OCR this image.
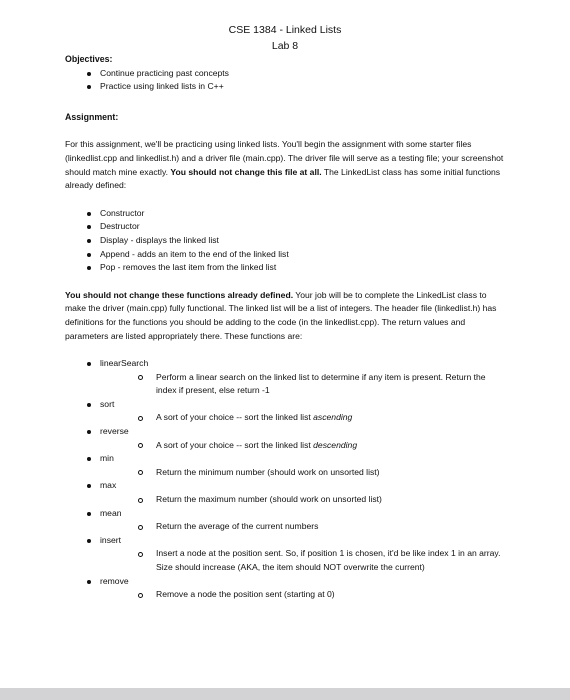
CSE 1384 - Linked Lists
Lab 8
Objectives:
Continue practicing past concepts
Practice using linked lists in C++
Assignment:

For this assignment, we'll be practicing using linked lists. You'll begin the assignment with some starter files (linkedlist.cpp and linkedlist.h) and a driver file (main.cpp). The driver file will serve as a testing file; your screenshot should match mine exactly. You should not change this file at all. The LinkedList class has some initial functions already defined:

Constructor
Destructor
Display - displays the linked list
Append - adds an item to the end of the linked list
Pop - removes the last item from the linked list

You should not change these functions already defined. Your job will be to complete the LinkedList class to make the driver (main.cpp) fully functional. The linked list will be a list of integers. The header file (linkedlist.h) has definitions for the functions you should be adding to the code (in the linkedlist.cpp). The return values and parameters are listed appropriately there. These functions are:

linearSearch
Perform a linear search on the linked list to determine if any item is present. Return the index if present, else return -1
sort
A sort of your choice -- sort the linked list ascending
reverse
A sort of your choice -- sort the linked list descending
min
Return the minimum number (should work on unsorted list)
max
Return the maximum number (should work on unsorted list)
mean
Return the average of the current numbers
insert
Insert a node at the position sent. So, if position 1 is chosen, it'd be like index 1 in an array. Size should increase (AKA, the item should NOT overwrite the current)
remove
Remove a node the position sent (starting at 0)
